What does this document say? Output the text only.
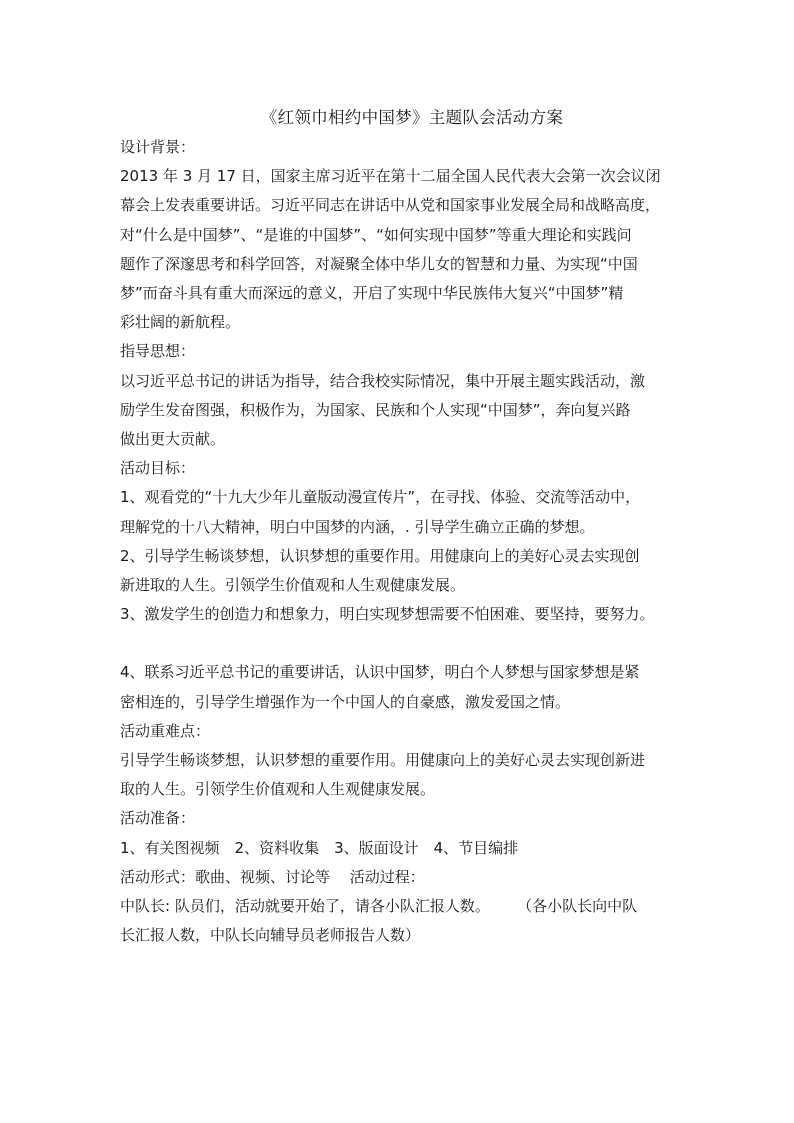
《红领巾相约中国梦》主题队会活动方案
设计背景：

2013 年 3 月 17 日，国家主席习近平在第十二届全国人民代表大会第一次会议闭

幕会上发表重要讲话。习近平同志在讲话中从党和国家事业发展全局和战略高度，

对“什么是中国梦”、“是谁的中国梦”、“如何实现中国梦”等重大理论和实践问

题作了深邃思考和科学回答，对凝聚全体中华儿女的智慧和力量、为实现“中国

梦”而奋斗具有重大而深远的意义，开启了实现中华民族伟大复兴“中国梦”精

彩壮阔的新航程。

指导思想：

以习近平总书记的讲话为指导，结合我校实际情况，集中开展主题实践活动，激

励学生发奋图强，积极作为，为国家、民族和个人实现“中国梦”，奔向复兴路

做出更大贡献。

活动目标：

1、观看党的“十九大少年儿童版动漫宣传片”，在寻找、体验、交流等活动中，

理解党的十八大精神，明白中国梦的内涵，. 引导学生确立正确的梦想。

2、引导学生畅谈梦想，认识梦想的重要作用。用健康向上的美好心灵去实现创

新进取的人生。引领学生价值观和人生观健康发展。

3、激发学生的创造力和想象力，明白实现梦想需要不怕困难、要坚持，要努力。

4、联系习近平总书记的重要讲话，认识中国梦，明白个人梦想与国家梦想是紧

密相连的，引导学生增强作为一个中国人的自豪感，激发爱国之情。

活动重难点：

引导学生畅谈梦想，认识梦想的重要作用。用健康向上的美好心灵去实现创新进

取的人生。引领学生价值观和人生观健康发展。

活动准备：
1、有关图视频　2、资料收集　3、版面设计　4、节目编排
活动形式：歌曲、视频、讨论等　 活动过程：

中队长: 队员们，活动就要开始了，请各小队汇报人数。　　 （各小队长向中队

长汇报人数，中队长向辅导员老师报告人数）
